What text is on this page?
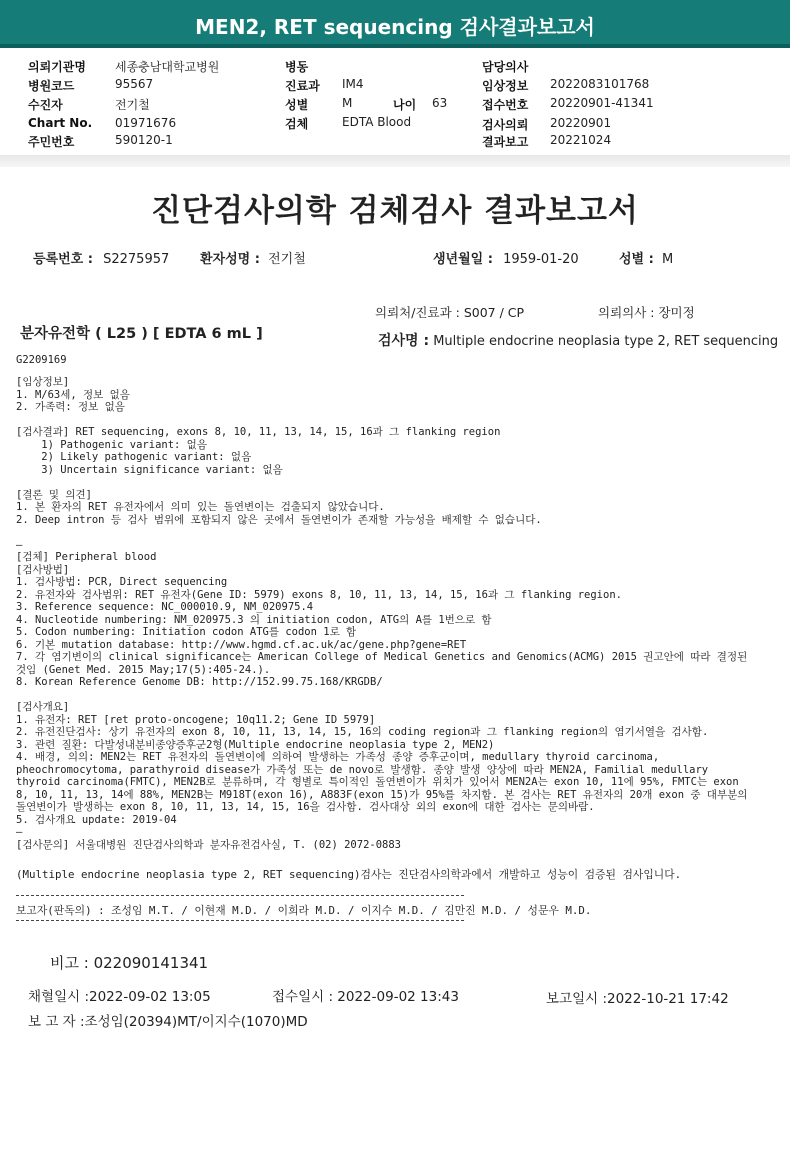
MEN2, RET sequencing 검사결과보고서
의뢰기관명 세종충남대학교병원
병원코드	95567
수진자	전기철
Chart No. 01971676
주민번호	590120-1
병동
진료과 IM4
성별	M	나이 63
검체	EDTA Blood
담당의사
임상정보 2022083101768
접수번호 20220901-41341
검사의뢰 20220901
결과보고 20221024
진단검사의학 검체검사 결과보고서
등록번호 : S2275957 환자성명 : 전기철	생년월일 : 1959-01-20	성별 : M
의뢰처/진료과 : S007 / CP	의뢰의사 : 장미정
분자유전학 ( L25 ) [ EDTA 6 mL ]	검사명 : Multiple endocrine neoplasia type 2, RET sequencing
G2209169
[임상정보]
1. M/63세, 정보 없음
2. 가족력: 정보 없음

[검사결과] RET sequencing, exons 8, 10, 11, 13, 14, 15, 16과 그 flanking region
1) Pathogenic variant: 없음
2) Likely pathogenic variant: 없음
3) Uncertain significance variant: 없음

[결론 및 의견]
1. 본 환자의 RET 유전자에서 의미 있는 돌연변이는 검출되지 않았습니다.
2. Deep intron 등 검사 범위에 포함되지 않은 곳에서 돌연변이가 존재할 가능성을 배제할 수 없습니다.

—
[검체] Peripheral blood
[검사방법]
1. 검사방법: PCR, Direct sequencing
2. 유전자와 검사범위: RET 유전자(Gene ID: 5979) exons 8, 10, 11, 13, 14, 15, 16과 그 flanking region.
3. Reference sequence: NC_000010.9, NM_020975.4
4. Nucleotide numbering: NM_020975.3 의 initiation codon, ATG의 A를 1번으로 함
5. Codon numbering: Initiation codon ATG를 codon 1로 함
6. 기본 mutation database: http://www.hgmd.cf.ac.uk/ac/gene.php?gene=RET
7. 각 염기변이의 clinical significance는 American College of Medical Genetics and Genomics(ACMG) 2015 권고안에 따라 결정된
것임 (Genet Med. 2015 May;17(5):405-24.).
8. Korean Reference Genome DB: http://152.99.75.168/KRGDB/

[검사개요]
1. 유전자: RET [ret proto-oncogene; 10q11.2; Gene ID 5979]
2. 유전진단검사: 상기 유전자의 exon 8, 10, 11, 13, 14, 15, 16의 coding region과 그 flanking region의 염기서열을 검사함.
3. 관련 질환: 다발성내분비종양증후군2형(Multiple endocrine neoplasia type 2, MEN2)
4. 배경, 의의: MEN2는 RET 유전자의 돌연변이에 의하여 발생하는 가족성 종양 증후군이며, medullary thyroid carcinoma,
pheochromocytoma, parathyroid disease가 가족성 또는 de novo로 발생함. 종양 발생 양상에 따라 MEN2A, Familial medullary
thyroid carcinoma(FMTC), MEN2B로 분류하며, 각 형별로 특이적인 돌연변이가 위치가 있어서 MEN2A는 exon 10, 11에 95%, FMTC는 exon
8, 10, 11, 13, 14에 88%, MEN2B는 M918T(exon 16), A883F(exon 15)가 95%를 차지함. 본 검사는 RET 유전자의 20개 exon 중 대부분의
돌연변이가 발생하는 exon 8, 10, 11, 13, 14, 15, 16을 검사함. 검사대상 외의 exon에 대한 검사는 문의바람.
5. 검사개요 update: 2019-04
—
[검사문의] 서울대병원 진단검사의학과 분자유전검사실, T. (02) 2072-0883
(Multiple endocrine neoplasia type 2, RET sequencing)검사는 진단검사의학과에서 개발하고 성능이 검증된 검사입니다.
보고자(판독의) : 조성임 M.T. / 이현재 M.D. / 이희라 M.D. / 이지수 M.D. / 김만진 M.D. / 성문우 M.D.
비고 : 022090141341
채혈일시 :2022-09-02 13:05	접수일시 : 2022-09-02 13:43	보고일시 :2022-10-21 17:42
보 고 자 :조성임(20394)MT/이지수(1070)MD
